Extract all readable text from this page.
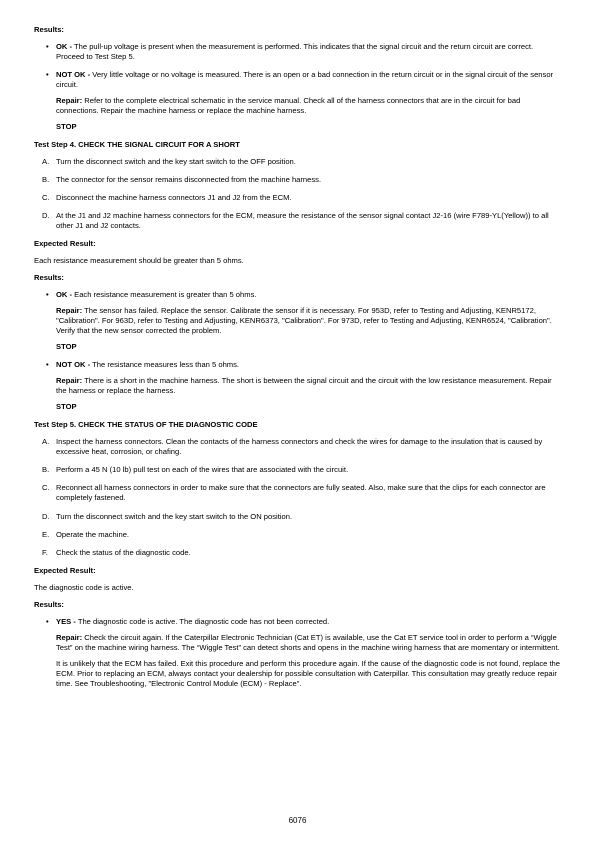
Results:
• OK - The pull-up voltage is present when the measurement is performed. This indicates that the signal circuit and the return circuit are correct. Proceed to Test Step 5.
• NOT OK - Very little voltage or no voltage is measured. There is an open or a bad connection in the return circuit or in the signal circuit of the sensor circuit.
Repair: Refer to the complete electrical schematic in the service manual. Check all of the harness connectors that are in the circuit for bad connections. Repair the machine harness or replace the machine harness.
STOP
Test Step 4. CHECK THE SIGNAL CIRCUIT FOR A SHORT
A. Turn the disconnect switch and the key start switch to the OFF position.
B. The connector for the sensor remains disconnected from the machine harness.
C. Disconnect the machine harness connectors J1 and J2 from the ECM.
D. At the J1 and J2 machine harness connectors for the ECM, measure the resistance of the sensor signal contact J2-16 (wire F789-YL(Yellow)) to all other J1 and J2 contacts.
Expected Result:
Each resistance measurement should be greater than 5 ohms.
Results:
• OK - Each resistance measurement is greater than 5 ohms.
Repair: The sensor has failed. Replace the sensor. Calibrate the sensor if it is necessary. For 953D, refer to Testing and Adjusting, KENR5172, "Calibration". For 963D, refer to Testing and Adjusting, KENR6373, "Calibration". For 973D, refer to Testing and Adjusting, KENR6524, "Calibration". Verify that the new sensor corrected the problem.
STOP
• NOT OK - The resistance measures less than 5 ohms.
Repair: There is a short in the machine harness. The short is between the signal circuit and the circuit with the low resistance measurement. Repair the harness or replace the harness.
STOP
Test Step 5. CHECK THE STATUS OF THE DIAGNOSTIC CODE
A. Inspect the harness connectors. Clean the contacts of the harness connectors and check the wires for damage to the insulation that is caused by excessive heat, corrosion, or chafing.
B. Perform a 45 N (10 lb) pull test on each of the wires that are associated with the circuit.
C. Reconnect all harness connectors in order to make sure that the connectors are fully seated. Also, make sure that the clips for each connector are completely fastened.
D. Turn the disconnect switch and the key start switch to the ON position.
E. Operate the machine.
F. Check the status of the diagnostic code.
Expected Result:
The diagnostic code is active.
Results:
• YES - The diagnostic code is active. The diagnostic code has not been corrected.
Repair: Check the circuit again. If the Caterpillar Electronic Technician (Cat ET) is available, use the Cat ET service tool in order to perform a “Wiggle Test” on the machine wiring harness. The “Wiggle Test” can detect shorts and opens in the machine wiring harness that are momentary or intermittent.
It is unlikely that the ECM has failed. Exit this procedure and perform this procedure again. If the cause of the diagnostic code is not found, replace the ECM. Prior to replacing an ECM, always contact your dealership for possible consultation with Caterpillar. This consultation may greatly reduce repair time. See Troubleshooting, "Electronic Control Module (ECM) - Replace".
6076
